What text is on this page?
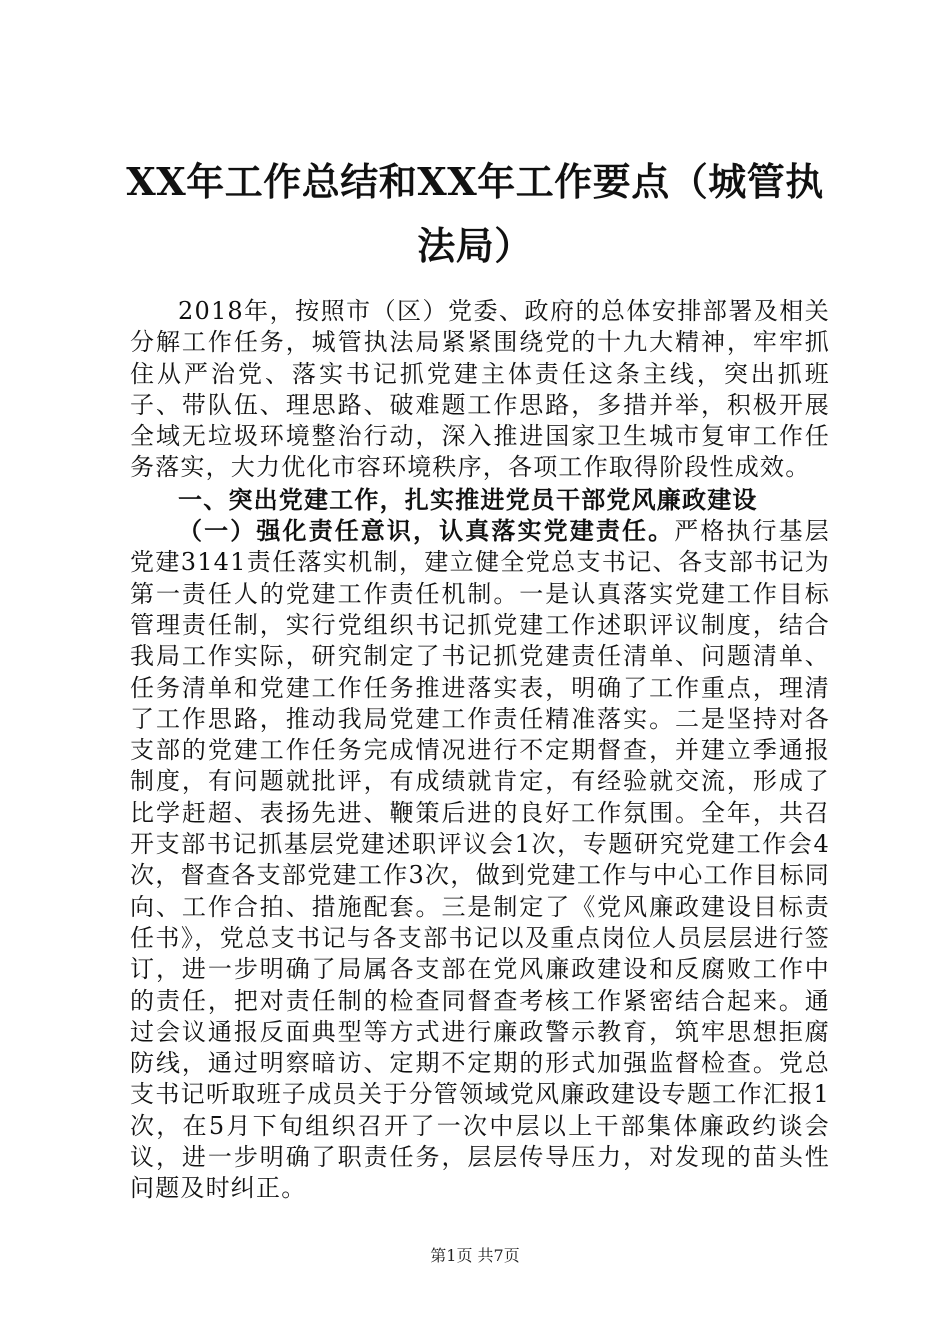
XX年工作总结和XX年工作要点（城管执法局）

2018年，按照市（区）党委、政府的总体安排部署及相关分解工作任务，城管执法局紧紧围绕党的十九大精神，牢牢抓住从严治党、落实书记抓党建主体责任这条主线，突出抓班子、带队伍、理思路、破难题工作思路，多措并举，积极开展全域无垃圾环境整治行动，深入推进国家卫生城市复审工作任务落实，大力优化市容环境秩序，各项工作取得阶段性成效。

一、突出党建工作，扎实推进党员干部党风廉政建设

（一）强化责任意识，认真落实党建责任。严格执行基层党建3141责任落实机制，建立健全党总支书记、各支部书记为第一责任人的党建工作责任机制。一是认真落实党建工作目标管理责任制，实行党组织书记抓党建工作述职评议制度，结合我局工作实际，研究制定了书记抓党建责任清单、问题清单、任务清单和党建工作任务推进落实表，明确了工作重点，理清了工作思路，推动我局党建工作责任精准落实。二是坚持对各支部的党建工作任务完成情况进行不定期督查，并建立季通报制度，有问题就批评，有成绩就肯定，有经验就交流，形成了比学赶超、表扬先进、鞭策后进的良好工作氛围。全年，共召开支部书记抓基层党建述职评议会1次，专题研究党建工作会4次，督查各支部党建工作3次，做到党建工作与中心工作目标同向、工作合拍、措施配套。三是制定了《党风廉政建设目标责任书》，党总支书记与各支部书记以及重点岗位人员层层进行签订，进一步明确了局属各支部在党风廉政建设和反腐败工作中的责任，把对责任制的检查同督查考核工作紧密结合起来。通过会议通报反面典型等方式进行廉政警示教育，筑牢思想拒腐防线，通过明察暗访、定期不定期的形式加强监督检查。党总支书记听取班子成员关于分管领域党风廉政建设专题工作汇报1次，在5月下旬组织召开了一次中层以上干部集体廉政约谈会议，进一步明确了职责任务，层层传导压力，对发现的苗头性问题及时纠正。

第1页 共7页
